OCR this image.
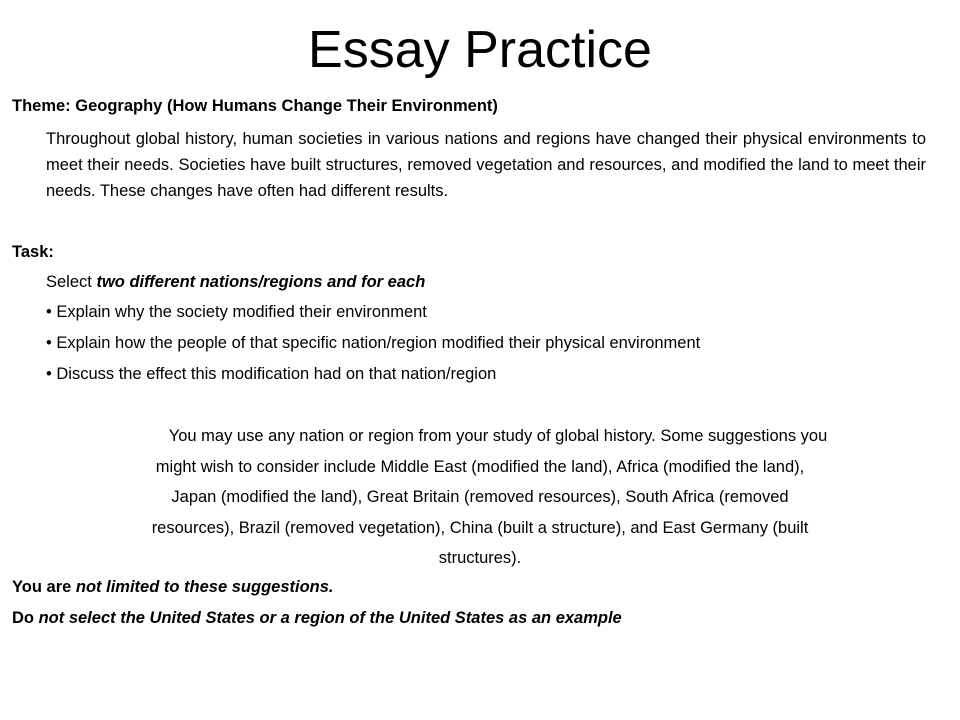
Essay Practice
Theme: Geography (How Humans Change Their Environment)
Throughout global history, human societies in various nations and regions have changed their physical environments to meet their needs. Societies have built structures, removed vegetation and resources, and modified the land to meet their needs. These changes have often had different results.
Task:
Select two different nations/regions and for each
• Explain why the society modified their environment
• Explain how the people of that specific nation/region modified their physical environment
• Discuss the effect this modification had on that nation/region
You may use any nation or region from your study of global history. Some suggestions you
might wish to consider include Middle East (modified the land), Africa (modified the land),
Japan (modified the land), Great Britain (removed resources), South Africa (removed
resources), Brazil (removed vegetation), China (built a structure), and East Germany (built
structures).
You are not limited to these suggestions.
Do not select the United States or a region of the United States as an example
